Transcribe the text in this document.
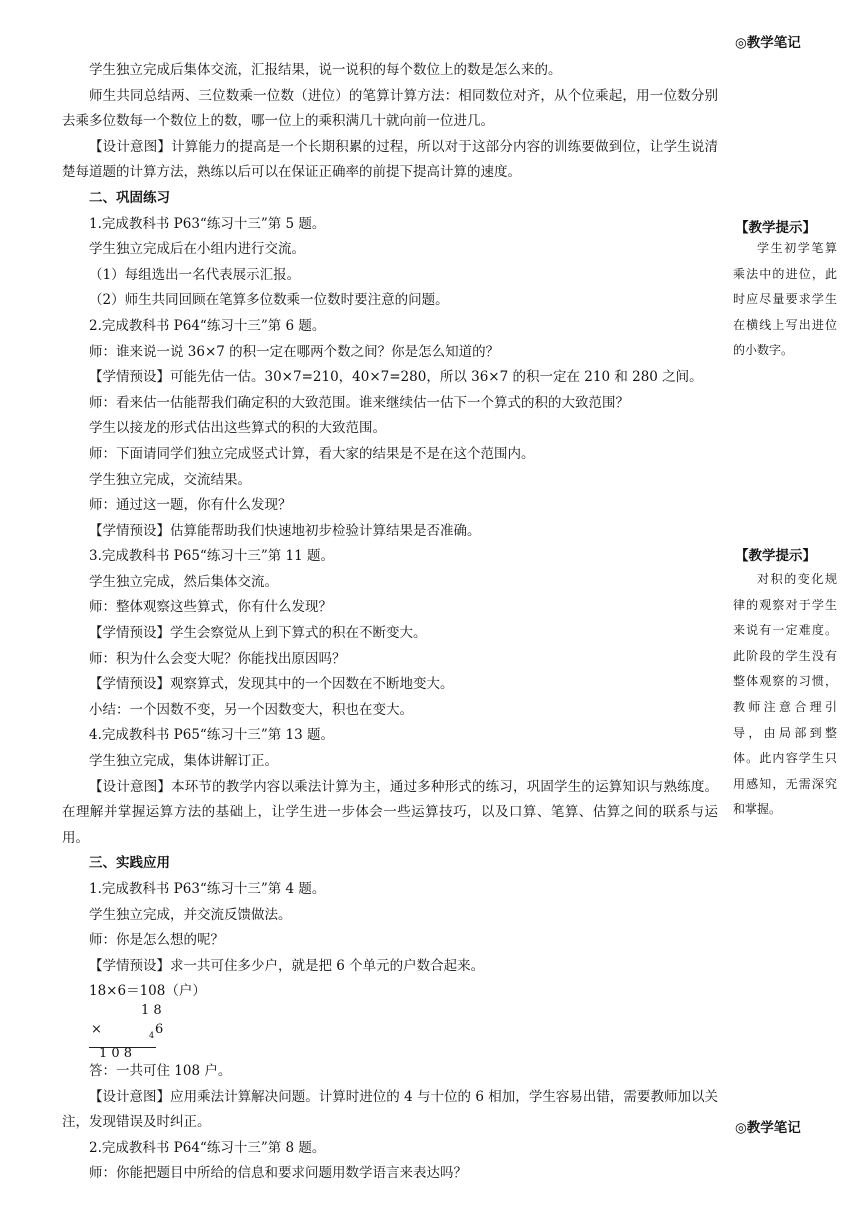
◎教学笔记
【教学提示】

学生初学笔算乘法中的进位，此时应尽量要求学生在横线上写出进位的小数字。

【教学提示】

对积的变化规律的观察对于学生来说有一定难度。此阶段的学生没有整体观察的习惯，教师注意合理引导，由局部到整体。此内容学生只用感知，无需深究和掌握。

◎教学笔记

学生独立完成后集体交流，汇报结果，说一说积的每个数位上的数是怎么来的。

师生共同总结两、三位数乘一位数（进位）的笔算计算方法：相同数位对齐，从个位乘起，用一位数分别去乘多位数每一个数位上的数，哪一位上的乘积满几十就向前一位进几。

【设计意图】计算能力的提高是一个长期积累的过程，所以对于这部分内容的训练要做到位，让学生说清楚每道题的计算方法，熟练以后可以在保证正确率的前提下提高计算的速度。

二、巩固练习

1.完成教科书 P63“练习十三”第 5 题。

学生独立完成后在小组内进行交流。

（1）每组选出一名代表展示汇报。

（2）师生共同回顾在笔算多位数乘一位数时要注意的问题。

2.完成教科书 P64“练习十三”第 6 题。

师：谁来说一说 36×7 的积一定在哪两个数之间？你是怎么知道的？

【学情预设】可能先估一估。30×7=210，40×7=280，所以 36×7 的积一定在 210 和 280 之间。

师：看来估一估能帮我们确定积的大致范围。谁来继续估一估下一个算式的积的大致范围？

学生以接龙的形式估出这些算式的积的大致范围。

师：下面请同学们独立完成竖式计算，看大家的结果是不是在这个范围内。

学生独立完成，交流结果。

师：通过这一题，你有什么发现？

【学情预设】估算能帮助我们快速地初步检验计算结果是否准确。

3.完成教科书 P65“练习十三”第 11 题。

学生独立完成，然后集体交流。

师：整体观察这些算式，你有什么发现？

【学情预设】学生会察觉从上到下算式的积在不断变大。

师：积为什么会变大呢？你能找出原因吗？

【学情预设】观察算式，发现其中的一个因数在不断地变大。

小结：一个因数不变，另一个因数变大，积也在变大。

4.完成教科书 P65“练习十三”第 13 题。

学生独立完成，集体讲解订正。

【设计意图】本环节的教学内容以乘法计算为主，通过多种形式的练习，巩固学生的运算知识与熟练度。在理解并掌握运算方法的基础上，让学生进一步体会一些运算技巧，以及口算、笔算、估算之间的联系与运用。

三、实践应用

1.完成教科书 P63“练习十三”第 4 题。

学生独立完成，并交流反馈做法。

师：你是怎么想的呢？

【学情预设】求一共可住多少户，就是把 6 个单元的户数合起来。

18×6＝108（户）

1 8
×	4 6
1 0 8

答：一共可住 108 户。

【设计意图】应用乘法计算解决问题。计算时进位的 4 与十位的 6 相加，学生容易出错，需要教师加以关注，发现错误及时纠正。

2.完成教科书 P64“练习十三”第 8 题。

师：你能把题目中所给的信息和要求问题用数学语言来表达吗？
